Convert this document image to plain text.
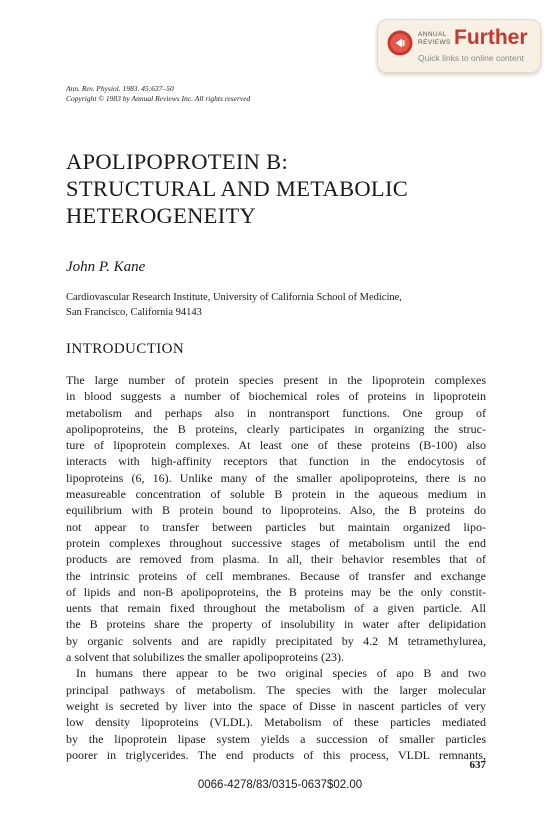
ANNUAL
REVIEWS Further
Quick links to online content
Ann. Rev. Physiol. 1983. 45:637–50
Copyright © 1983 by Annual Reviews Inc. All rights reserved
APOLIPOPROTEIN B:
STRUCTURAL AND METABOLIC
HETEROGENEITY
John P. Kane
Cardiovascular Research Institute, University of California School of Medicine,
San Francisco, California 94143
INTRODUCTION
The large number of protein species present in the lipoprotein complexes
in blood suggests a number of biochemical roles of proteins in lipoprotein
metabolism and perhaps also in nontransport functions. One group of
apolipoproteins, the B proteins, clearly participates in organizing the struc-
ture of lipoprotein complexes. At least one of these proteins (B-100) also
interacts with high-affinity receptors that function in the endocytosis of
lipoproteins (6, 16). Unlike many of the smaller apolipoproteins, there is no
measureable concentration of soluble B protein in the aqueous medium in
equilibrium with B protein bound to lipoproteins. Also, the B proteins do
not appear to transfer between particles but maintain organized lipo-
protein complexes throughout successive stages of metabolism until the end
products are removed from plasma. In all, their behavior resembles that of
the intrinsic proteins of cell membranes. Because of transfer and exchange
of lipids and non-B apolipoproteins, the B proteins may be the only constit-
uents that remain fixed throughout the metabolism of a given particle. All
the B proteins share the property of insolubility in water after delipidation
by organic solvents and are rapidly precipitated by 4.2 M tetramethylurea,
a solvent that solubilizes the smaller apolipoproteins (23).
In humans there appear to be two original species of apo B and two
principal pathways of metabolism. The species with the larger molecular
weight is secreted by liver into the space of Disse in nascent particles of very
low density lipoproteins (VLDL). Metabolism of these particles mediated
by the lipoprotein lipase system yields a succession of smaller particles
poorer in triglycerides. The end products of this process, VLDL remnants,
637
0066-4278/83/0315-0637$02.00
